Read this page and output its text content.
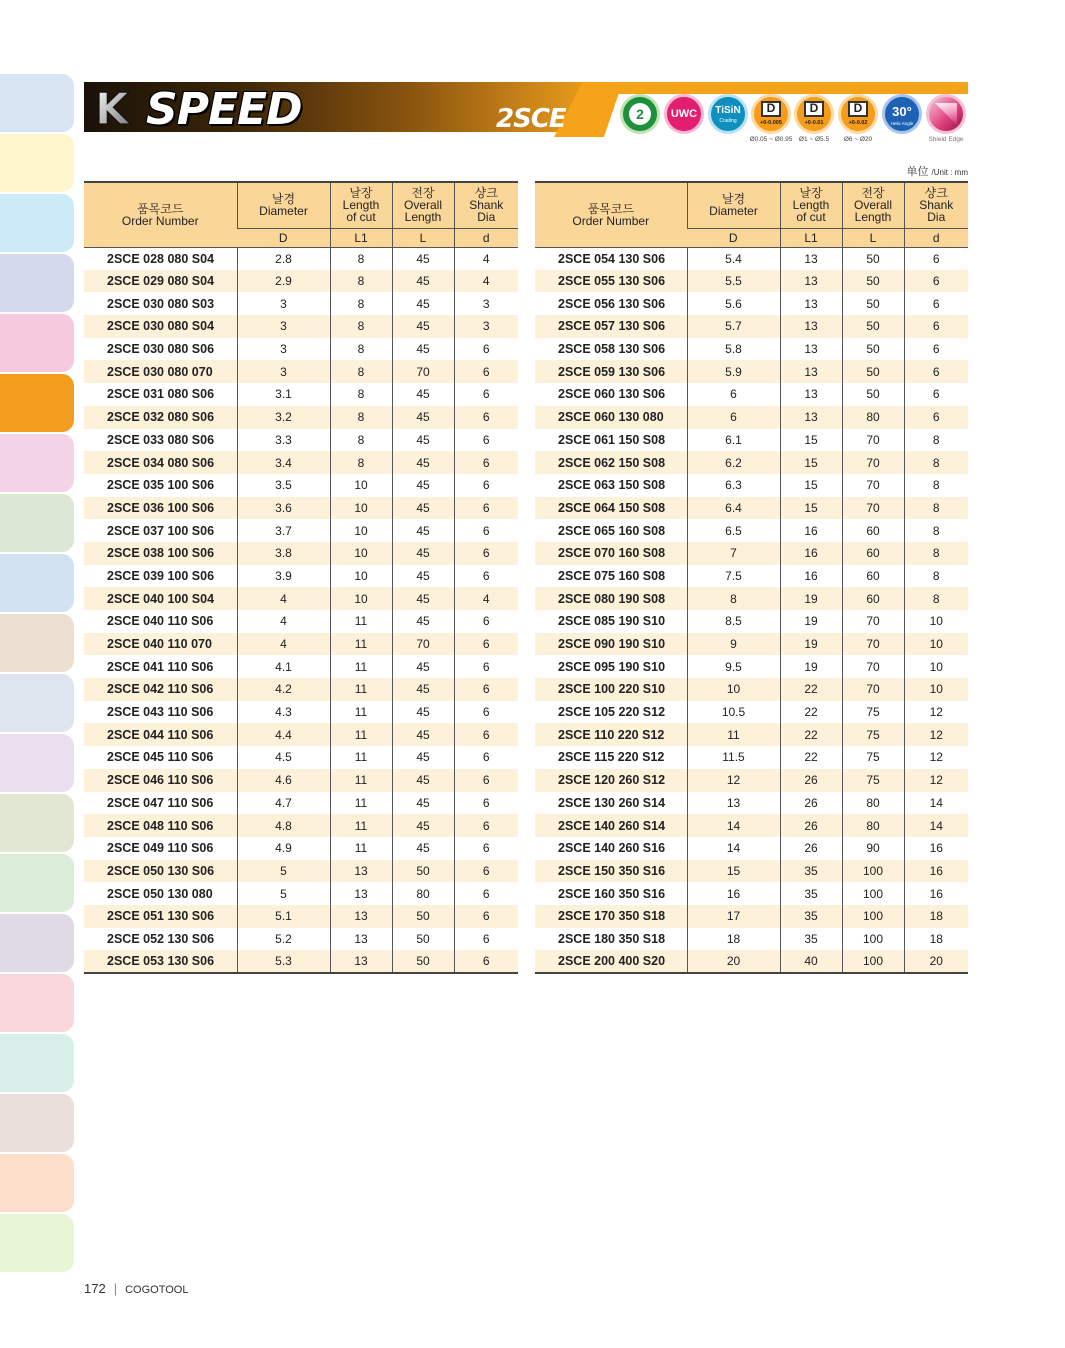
K SPEED	2SCE	2	UWC	TiSiN
Coating
D
+0-0.005
Ø0.05 ~ Ø0.95
D
+0-0.01
Ø1 ~ Ø5.5
D
+0-0.02
Ø6 ~ Ø20
30°
Helix Angle
Shield Edge
单位 /Unit : mm
품목코드
Order Number	날경
Diameter	날장
Length
of cut	전장
Overall
Length	샹크
Shank
Dia

	D	L1	L	d
2SCE 028 080 S04	2.8	8	45	4
2SCE 029 080 S04	2.9	8	45	4
2SCE 030 080 S03	3	8	45	3
2SCE 030 080 S04	3	8	45	3
2SCE 030 080 S06	3	8	45	6
2SCE 030 080 070	3	8	70	6
2SCE 031 080 S06	3.1	8	45	6
2SCE 032 080 S06	3.2	8	45	6
2SCE 033 080 S06	3.3	8	45	6
2SCE 034 080 S06	3.4	8	45	6
2SCE 035 100 S06	3.5	10	45	6
2SCE 036 100 S06	3.6	10	45	6
2SCE 037 100 S06	3.7	10	45	6
2SCE 038 100 S06	3.8	10	45	6
2SCE 039 100 S06	3.9	10	45	6
2SCE 040 100 S04	4	10	45	4
2SCE 040 110 S06	4	11	45	6
2SCE 040 110 070	4	11	70	6
2SCE 041 110 S06	4.1	11	45	6
2SCE 042 110 S06	4.2	11	45	6
2SCE 043 110 S06	4.3	11	45	6
2SCE 044 110 S06	4.4	11	45	6
2SCE 045 110 S06	4.5	11	45	6
2SCE 046 110 S06	4.6	11	45	6
2SCE 047 110 S06	4.7	11	45	6
2SCE 048 110 S06	4.8	11	45	6
2SCE 049 110 S06	4.9	11	45	6
2SCE 050 130 S06	5	13	50	6
2SCE 050 130 080	5	13	80	6
2SCE 051 130 S06	5.1	13	50	6
2SCE 052 130 S06	5.2	13	50	6
2SCE 053 130 S06	5.3	13	50	6
품목코드
Order Number	날경
Diameter	날장
Length
of cut	전장
Overall
Length	샹크
Shank
Dia

	D	L1	L	d
2SCE 054 130 S06	5.4	13	50	6
2SCE 055 130 S06	5.5	13	50	6
2SCE 056 130 S06	5.6	13	50	6
2SCE 057 130 S06	5.7	13	50	6
2SCE 058 130 S06	5.8	13	50	6
2SCE 059 130 S06	5.9	13	50	6
2SCE 060 130 S06	6	13	50	6
2SCE 060 130 080	6	13	80	6
2SCE 061 150 S08	6.1	15	70	8
2SCE 062 150 S08	6.2	15	70	8
2SCE 063 150 S08	6.3	15	70	8
2SCE 064 150 S08	6.4	15	70	8
2SCE 065 160 S08	6.5	16	60	8
2SCE 070 160 S08	7	16	60	8
2SCE 075 160 S08	7.5	16	60	8
2SCE 080 190 S08	8	19	60	8
2SCE 085 190 S10	8.5	19	70	10
2SCE 090 190 S10	9	19	70	10
2SCE 095 190 S10	9.5	19	70	10
2SCE 100 220 S10	10	22	70	10
2SCE 105 220 S12	10.5	22	75	12
2SCE 110 220 S12	11	22	75	12
2SCE 115 220 S12	11.5	22	75	12
2SCE 120 260 S12	12	26	75	12
2SCE 130 260 S14	13	26	80	14
2SCE 140 260 S14	14	26	80	14
2SCE 140 260 S16	14	26	90	16
2SCE 150 350 S16	15	35	100	16
2SCE 160 350 S16	16	35	100	16
2SCE 170 350 S18	17	35	100	18
2SCE 180 350 S18	18	35	100	18
2SCE 200 400 S20	20	40	100	20
172 | COGOTOOL
